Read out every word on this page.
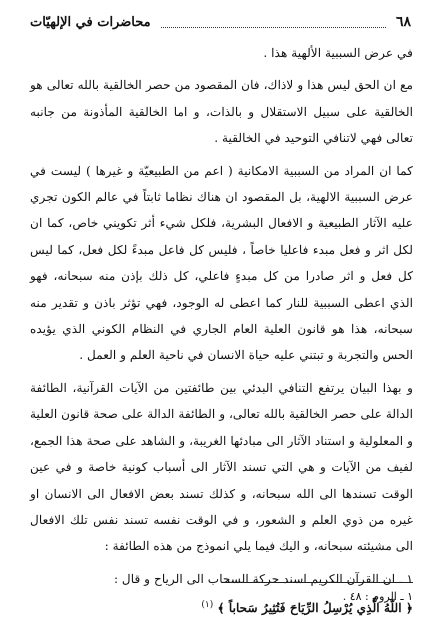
٦٨
محاضرات في الإلهيّات

في عرض السببية الألهية هذا .

مع ان الحق ليس هذا و لاذاك، فان المقصود من حصر الخالقية بالله تعالى هو الخالقية على سبيل الاستقلال و بالذات، و اما الخالقية المأذونة من جانبه تعالى فهي لاتنافي التوحيد في الخالقية .

كما ان المراد من السببية الامكانية ( اعم من الطبيعيّة و غيرها ) ليست في عرض السببية الالهية، بل المقصود ان هناك نظاما ثابتاً في عالم الكون تجري عليه الآثار الطبيعية و الافعال البشرية، فلكل شيء أثر تكويني خاص، كما ان لكل اثر و فعل مبدء فاعليا خاصاً ، فليس كل فاعل مبدءً لكل فعل، كما ليس كل فعل و اثر صادرا من كل مبدءٍ فاعلي، كل ذلك بإذن منه سبحانه، فهو الذي اعطى السببية للنار كما اعطى له الوجود، فهي تؤثر باذن و تقدير منه سبحانه، هذا هو قانون العلية العام الجاري في النظام الكوني الذي يؤيده الحس والتجربة و تبتني عليه حياة الانسان في ناحية العلم و العمل .

و بهذا البيان يرتفع التنافي البدئي بين طائفتين من الآيات القرآنية، الطائفة الدالة على حصر الخالقية بالله تعالى، و الطائفة الدالة على صحة قانون العلية و المعلولية و استناد الآثار الى مبادئها الغريبة، و الشاهد على صحة هذا الجمع، لفيف من الآيات و هي التي تسند الآثار الى أسباب كونية خاصة و في عين الوقت تسندها الى الله سبحانه، و كذلك تسند بعض الافعال الى الانسان او غيره من ذوي العلم و الشعور، و في الوقت نفسه تسند نفس تلك الافعال الى مشيئته سبحانه، و اليك فيما يلي انموذج من هذه الطائفة :

١ ـ ان القرآن الكريم اسند حركة السحاب الى الرياح و قال :

﴿ اللّهُ الَّذِي يُرْسِلُ الرِّيَاحَ فَتُثِيرُ سَحاباً ﴾ $^{(١)}$

١ ـ الروم : ٤٨ .
